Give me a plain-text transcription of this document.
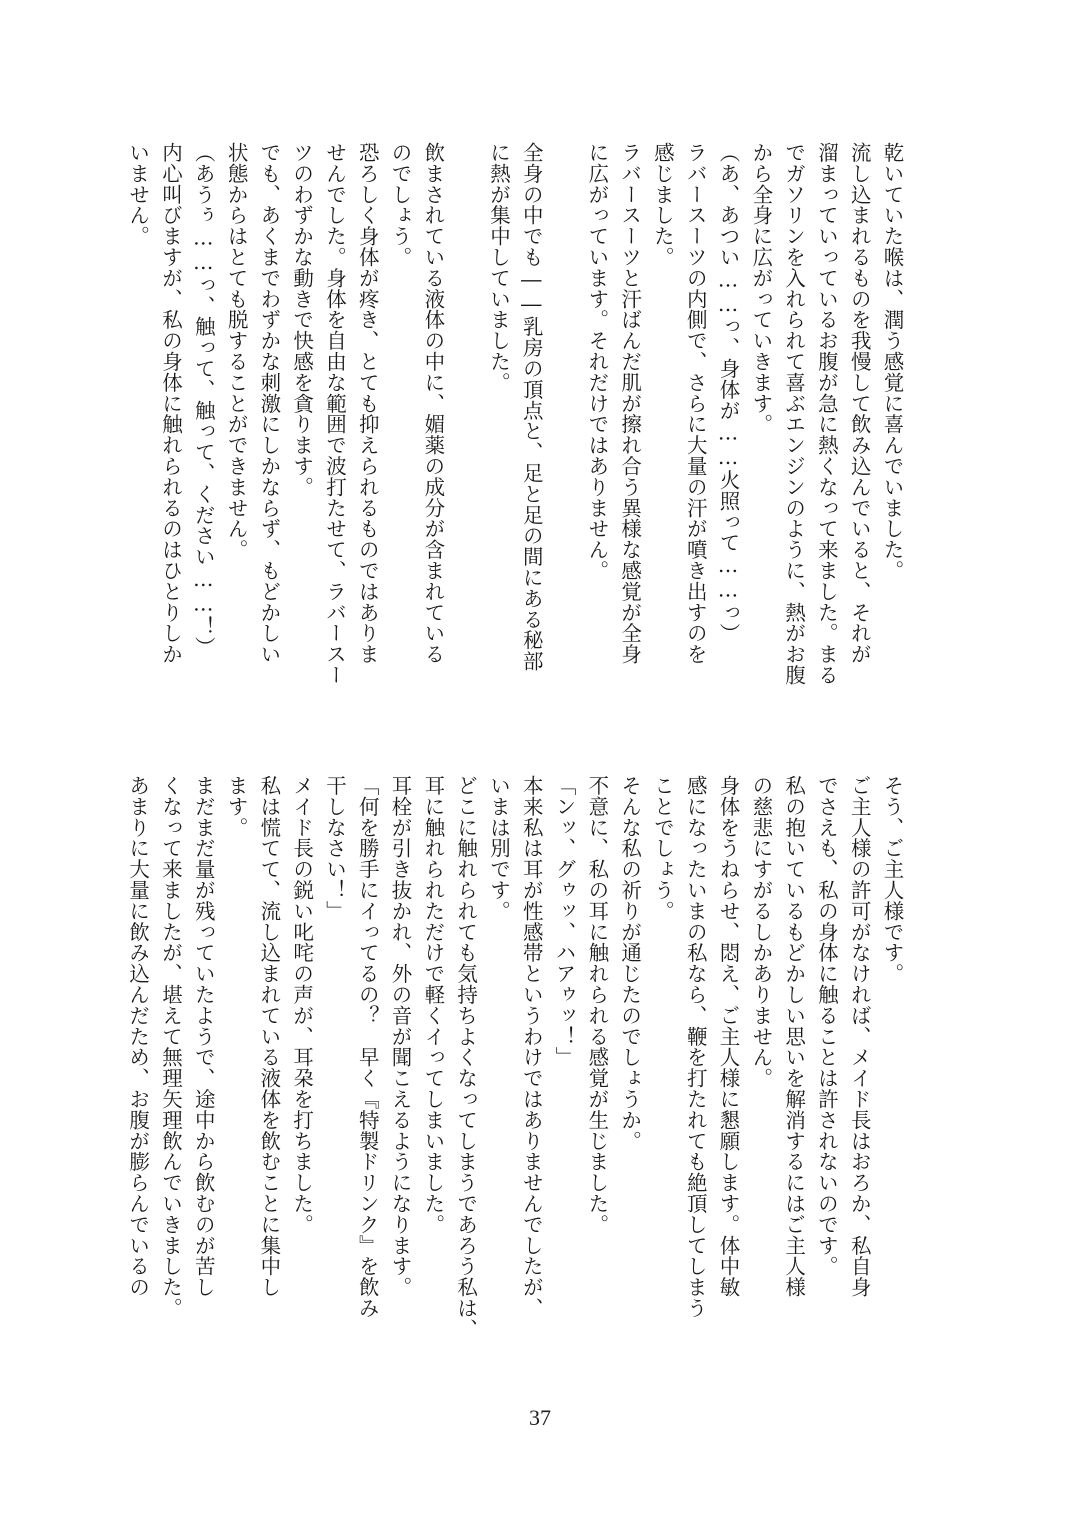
乾いていた喉は、潤う感覚に喜んでいました。
流し込まれるものを我慢して飲み込んでいると、それが
溜まっていっているお腹が急に熱くなって来ました。まる
でガソリンを入れられて喜ぶエンジンのように、熱がお腹
から全身に広がっていきます。
（あ、あつい……っ、身体が……火照って……っ）
ラバースーツの内側で、さらに大量の汗が噴き出すのを
感じました。
ラバースーツと汗ばんだ肌が擦れ合う異様な感覚が全身
に広がっています。それだけではありません。
全身の中でも――乳房の頂点と、足と足の間にある秘部
に熱が集中していました。
飲まされている液体の中に、媚薬の成分が含まれている
のでしょう。
恐ろしく身体が疼き、とても抑えられるものではありま
せんでした。身体を自由な範囲で波打たせて、ラバースー
ツのわずかな動きで快感を貪ります。
でも、あくまでわずかな刺激にしかならず、もどかしい
状態からはとても脱することができません。
（あうぅ……っ、触って、触って、ください……！）
内心叫びますが、私の身体に触れられるのはひとりしか
いません。
そう、ご主人様です。
ご主人様の許可がなければ、メイド長はおろか、私自身
でさえも、私の身体に触ることは許されないのです。
私の抱いているもどかしい思いを解消するにはご主人様
の慈悲にすがるしかありません。
身体をうねらせ、悶え、ご主人様に懇願します。体中敏
感になったいまの私なら、鞭を打たれても絶頂してしまう
ことでしょう。
そんな私の祈りが通じたのでしょうか。
不意に、私の耳に触れられる感覚が生じました。
「ンッ、グゥッ、ハアゥッ！」
本来私は耳が性感帯というわけではありませんでしたが、
いまは別です。
どこに触れられても気持ちよくなってしまうであろう私は、
耳に触れられただけで軽くイってしまいました。
耳栓が引き抜かれ、外の音が聞こえるようになります。
「何を勝手にイってるの？　早く『特製ドリンク』を飲み
干しなさい！」
メイド長の鋭い叱咤の声が、耳朶を打ちました。
私は慌てて、流し込まれている液体を飲むことに集中し
ます。
まだまだ量が残っていたようで、途中から飲むのが苦し
くなって来ましたが、堪えて無理矢理飲んでいきました。
あまりに大量に飲み込んだため、お腹が膨らんでいるの
37
